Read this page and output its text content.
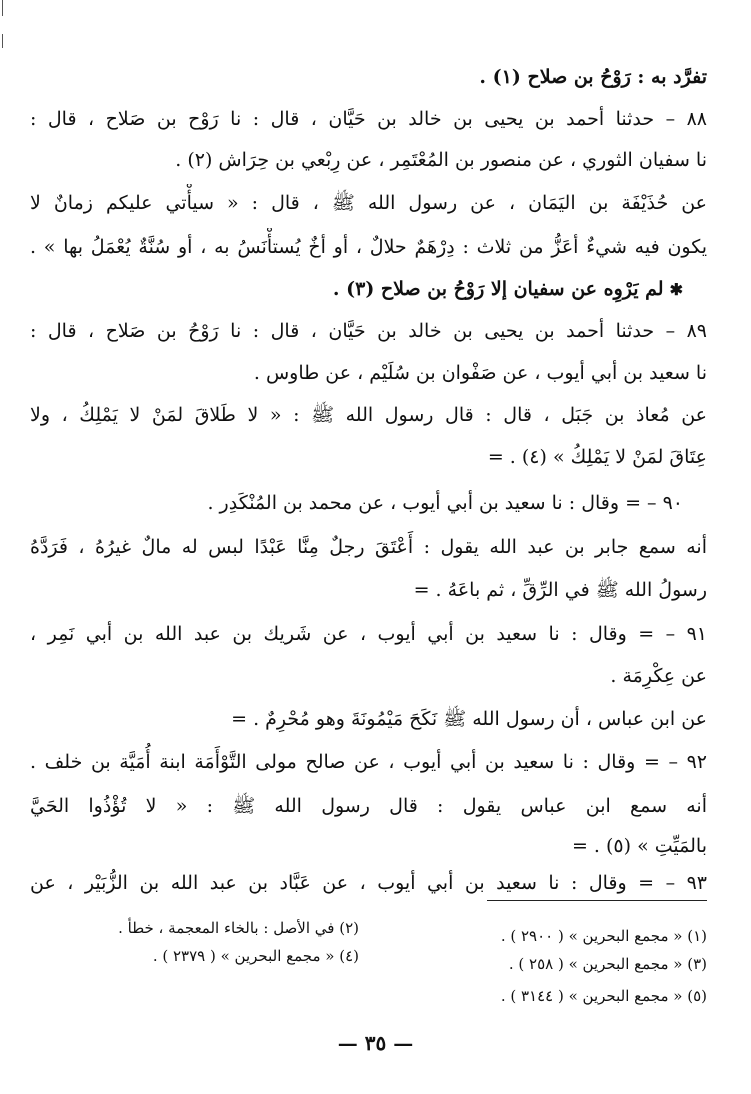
تفرَّد به : رَوْحُ بن صلاح (١) .
٨٨ – حدثنا أحمد بن يحيى بن خالد بن حَيَّان ، قال : نا رَوْح بن صَلاح ، قال :
نا سفيان الثوري ، عن منصور بن المُعْتَمِر ، عن رِبْعي بن حِرَاش (٢) .
عن حُذَيْفَة بن اليَمَان ، عن رسول الله ﷺ ، قال : « سيأْتي عليكم زمانٌ لا
يكون فيه شيءٌ أعَزُّ من ثلاث : دِرْهَمٌ حلالٌ ، أو أخٌ يُستأْنَسُ به ، أو سُنَّةٌ يُعْمَلُ بها » .
✱لم يَرْوِه عن سفيان إلا رَوْحُ بن صلاح (٣) .
٨٩ – حدثنا أحمد بن يحيى بن خالد بن حَيَّان ، قال : نا رَوْحُ بن صَلاح ، قال :
نا سعيد بن أبي أيوب ، عن صَفْوان بن سُلَيْم ، عن طاوس .
عن مُعاذ بن جَبَل ، قال : قال رسول الله ﷺ : « لا طَلاقَ لمَنْ لا يَمْلِكُ ، ولا
عِتَاقَ لمَنْ لا يَمْلِكُ » (٤) . =
٩٠ – = وقال : نا سعيد بن أبي أيوب ، عن محمد بن المُنْكَدِر .
أنه سمع جابر بن عبد الله يقول : أَعْتَقَ رجلٌ مِنَّا عَبْدًا لبس له مالٌ غيرُهُ ، فَرَدَّهُ
رسولُ الله ﷺ في الرِّقِّ ، ثم باعَهُ . =
٩١ – = وقال : نا سعيد بن أبي أيوب ، عن شَريك بن عبد الله بن أبي نَمِر ،
عن عِكْرِمَة .
عن ابن عباس ، أن رسول الله ﷺ نَكَحَ مَيْمُونَةَ وهو مُحْرِمٌ . =
٩٢ – = وقال : نا سعيد بن أبي أيوب ، عن صالح مولى التَّوْأَمَة ابنة أُمَيَّة بن خلف .
أنه سمع ابن عباس يقول : قال رسول الله ﷺ : « لا تُؤْذُوا الحَيَّ
بالمَيِّتِ » (٥) . =
٩٣ – = وقال : نا سعيد بن أبي أيوب ، عن عَبَّاد بن عبد الله بن الزُّبَيْر ، عن
(١) « مجمع البحرين » ( ٢٩٠٠ ) .
(٢) في الأصل : بالخاء المعجمة ، خطأ .
(٣) « مجمع البحرين » ( ٢٥٨ ) .
(٤) « مجمع البحرين » ( ٢٣٧٩ ) .
(٥) « مجمع البحرين » ( ٣١٤٤ ) .
— ٣٥ —
